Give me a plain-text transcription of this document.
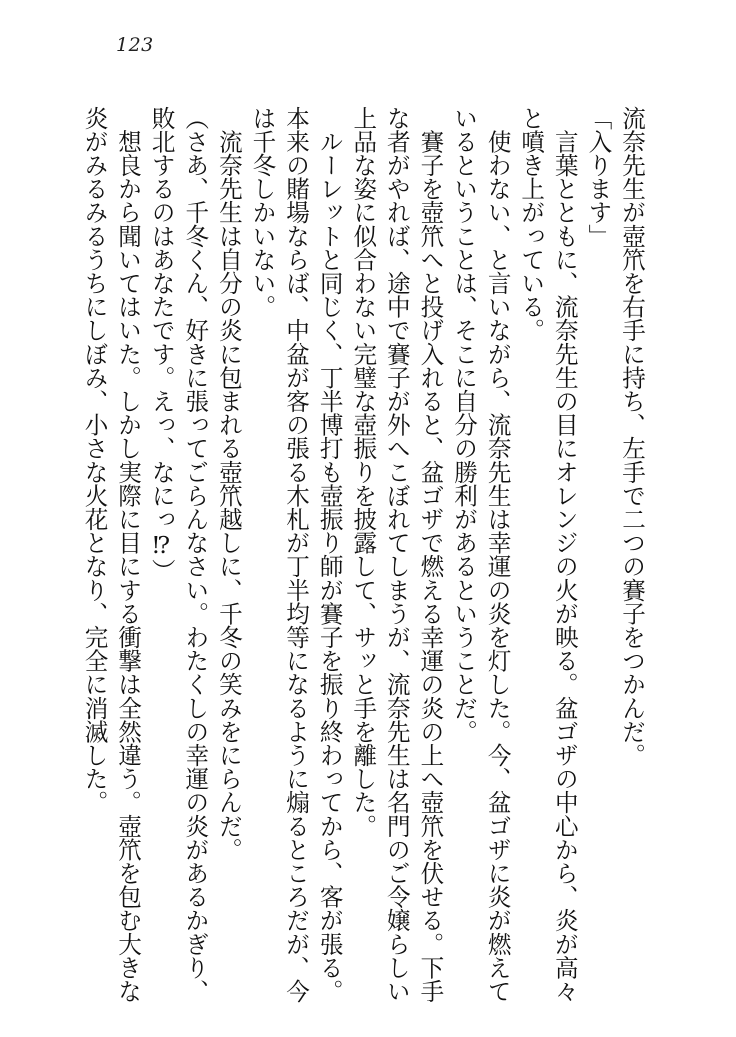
123
流奈先生が壺笊を右手に持ち、左手で二つの賽子をつかんだ。
「入ります」
　言葉とともに、流奈先生の目にオレンジの火が映る。盆ゴザの中心から、炎が高々
と噴き上がっている。
　使わない、と言いながら、流奈先生は幸運の炎を灯した。今、盆ゴザに炎が燃えて
いるということは、そこに自分の勝利があるということだ。
　賽子を壺笊へと投げ入れると、盆ゴザで燃える幸運の炎の上へ壺笊を伏せる。下手
な者がやれば、途中で賽子が外へこぼれてしまうが、流奈先生は名門のご令嬢らしい
上品な姿に似合わない完璧な壺振りを披露して、サッと手を離した。
　ルーレットと同じく、丁半博打も壺振り師が賽子を振り終わってから、客が張る。
本来の賭場ならば、中盆が客の張る木札が丁半均等になるように煽るところだが、今
は千冬しかいない。
　流奈先生は自分の炎に包まれる壺笊越しに、千冬の笑みをにらんだ。
（さあ、千冬くん、好きに張ってごらんなさい。わたくしの幸運の炎があるかぎり、
敗北するのはあなたです。えっ、なにっ⁉）
　想良から聞いてはいた。しかし実際に目にする衝撃は全然違う。壺笊を包む大きな
炎がみるみるうちにしぼみ、小さな火花となり、完全に消滅した。
